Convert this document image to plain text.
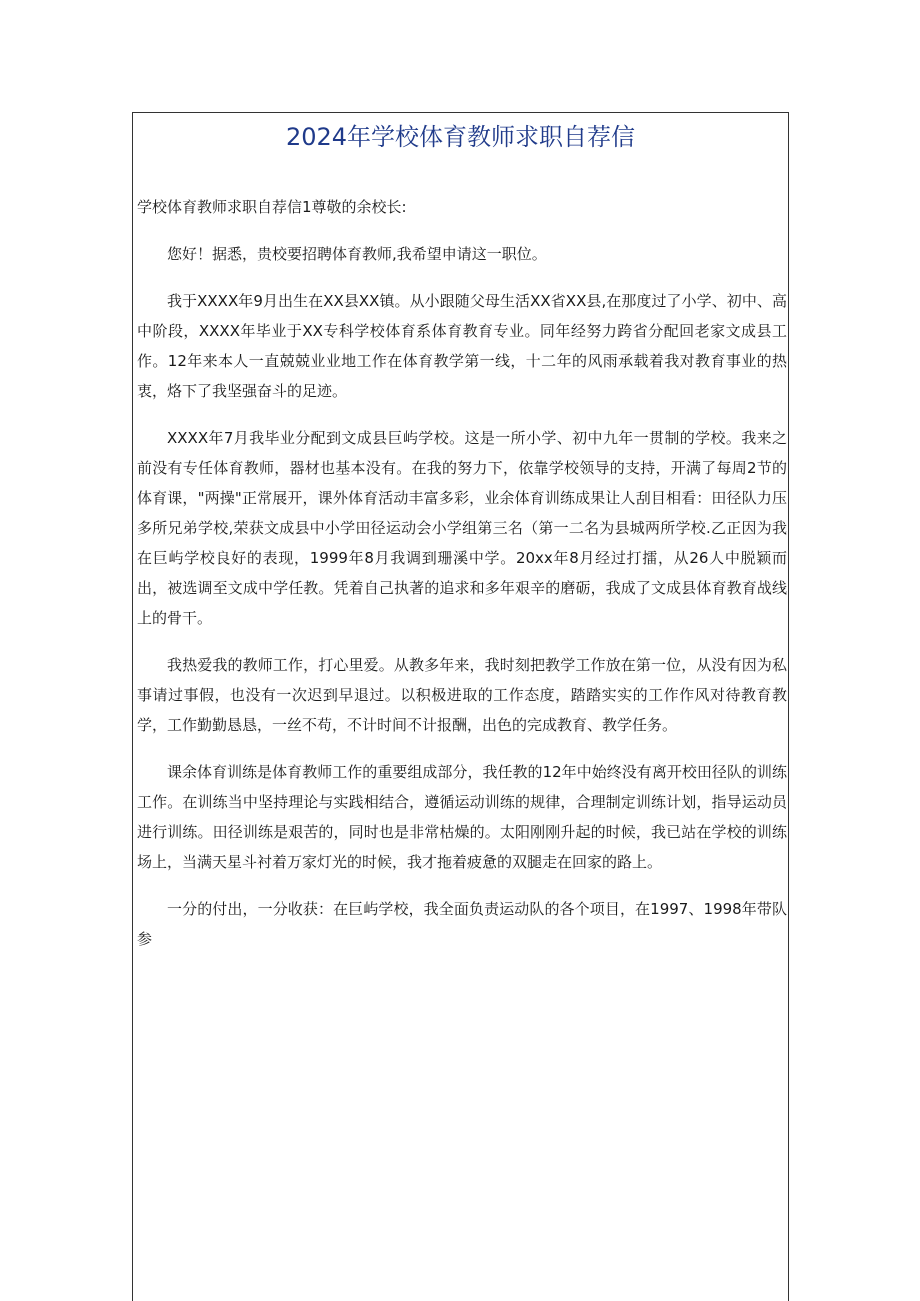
2024年学校体育教师求职自荐信

学校体育教师求职自荐信1尊敬的余校长:

您好！据悉，贵校要招聘体育教师,我希望申请这一职位。

我于XXXX年9月出生在XX县XX镇。从小跟随父母生活XX省XX县,在那度过了小学、初中、高中阶段，XXXX年毕业于XX专科学校体育系体育教育专业。同年经努力跨省分配回老家文成县工作。12年来本人一直兢兢业业地工作在体育教学第一线，十二年的风雨承载着我对教育事业的热衷，烙下了我坚强奋斗的足迹。

XXXX年7月我毕业分配到文成县巨屿学校。这是一所小学、初中九年一贯制的学校。我来之前没有专任体育教师，器材也基本没有。在我的努力下，依靠学校领导的支持，开满了每周2节的体育课，"两操"正常展开，课外体育活动丰富多彩，业余体育训练成果让人刮目相看：田径队力压多所兄弟学校,荣获文成县中小学田径运动会小学组第三名（第一二名为县城两所学校.乙正因为我在巨屿学校良好的表现，1999年8月我调到珊溪中学。20xx年8月经过打擂，从26人中脱颖而出，被选调至文成中学任教。凭着自己执著的追求和多年艰辛的磨砺，我成了文成县体育教育战线上的骨干。

我热爱我的教师工作，打心里爱。从教多年来，我时刻把教学工作放在第一位，从没有因为私事请过事假，也没有一次迟到早退过。以积极进取的工作态度，踏踏实实的工作作风对待教育教学，工作勤勤恳恳，一丝不苟，不计时间不计报酬，出色的完成教育、教学任务。

课余体育训练是体育教师工作的重要组成部分，我任教的12年中始终没有离开校田径队的训练工作。在训练当中坚持理论与实践相结合，遵循运动训练的规律，合理制定训练计划，指导运动员进行训练。田径训练是艰苦的，同时也是非常枯燥的。太阳刚刚升起的时候，我已站在学校的训练场上，当满天星斗衬着万家灯光的时候，我才拖着疲惫的双腿走在回家的路上。

一分的付出，一分收获：在巨屿学校，我全面负责运动队的各个项目，在1997、1998年带队参
